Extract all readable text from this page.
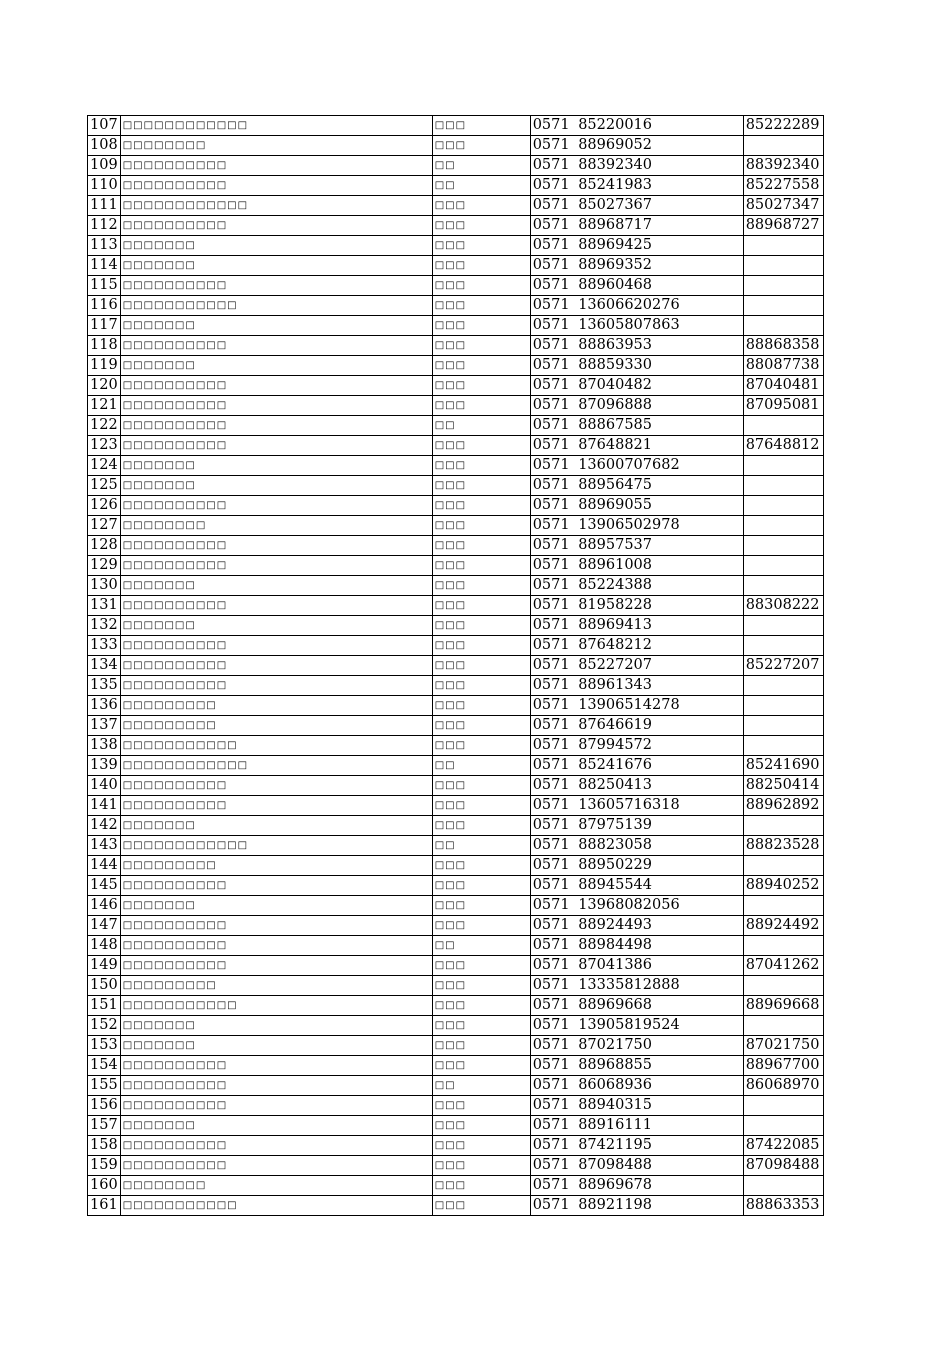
107	□□□□□□□□□□□□	□□□	0571	85220016	85222289
108	□□□□□□□□	□□□	0571	88969052	
109	□□□□□□□□□□	□□	0571	88392340	88392340
110	□□□□□□□□□□	□□	0571	85241983	85227558
111	□□□□□□□□□□□□	□□□	0571	85027367	85027347
112	□□□□□□□□□□	□□□	0571	88968717	88968727
113	□□□□□□□	□□□	0571	88969425	
114	□□□□□□□	□□□	0571	88969352	
115	□□□□□□□□□□	□□□	0571	88960468	
116	□□□□□□□□□□□	□□□	0571	13606620276	
117	□□□□□□□	□□□	0571	13605807863	
118	□□□□□□□□□□	□□□	0571	88863953	88868358
119	□□□□□□□	□□□	0571	88859330	88087738
120	□□□□□□□□□□	□□□	0571	87040482	87040481
121	□□□□□□□□□□	□□□	0571	87096888	87095081
122	□□□□□□□□□□	□□	0571	88867585	
123	□□□□□□□□□□	□□□	0571	87648821	87648812
124	□□□□□□□	□□□	0571	13600707682	
125	□□□□□□□	□□□	0571	88956475	
126	□□□□□□□□□□	□□□	0571	88969055	
127	□□□□□□□□	□□□	0571	13906502978	
128	□□□□□□□□□□	□□□	0571	88957537	
129	□□□□□□□□□□	□□□	0571	88961008	
130	□□□□□□□	□□□	0571	85224388	
131	□□□□□□□□□□	□□□	0571	81958228	88308222
132	□□□□□□□	□□□	0571	88969413	
133	□□□□□□□□□□	□□□	0571	87648212	
134	□□□□□□□□□□	□□□	0571	85227207	85227207
135	□□□□□□□□□□	□□□	0571	88961343	
136	□□□□□□□□□	□□□	0571	13906514278	
137	□□□□□□□□□	□□□	0571	87646619	
138	□□□□□□□□□□□	□□□	0571	87994572	
139	□□□□□□□□□□□□	□□	0571	85241676	85241690
140	□□□□□□□□□□	□□□	0571	88250413	88250414
141	□□□□□□□□□□	□□□	0571	13605716318	88962892
142	□□□□□□□	□□□	0571	87975139	
143	□□□□□□□□□□□□	□□	0571	88823058	88823528
144	□□□□□□□□□	□□□	0571	88950229	
145	□□□□□□□□□□	□□□	0571	88945544	88940252
146	□□□□□□□	□□□	0571	13968082056	
147	□□□□□□□□□□	□□□	0571	88924493	88924492
148	□□□□□□□□□□	□□	0571	88984498	
149	□□□□□□□□□□	□□□	0571	87041386	87041262
150	□□□□□□□□□	□□□	0571	13335812888	
151	□□□□□□□□□□□	□□□	0571	88969668	88969668
152	□□□□□□□	□□□	0571	13905819524	
153	□□□□□□□	□□□	0571	87021750	87021750
154	□□□□□□□□□□	□□□	0571	88968855	88967700
155	□□□□□□□□□□	□□	0571	86068936	86068970
156	□□□□□□□□□□	□□□	0571	88940315	
157	□□□□□□□	□□□	0571	88916111	
158	□□□□□□□□□□	□□□	0571	87421195	87422085
159	□□□□□□□□□□	□□□	0571	87098488	87098488
160	□□□□□□□□	□□□	0571	88969678	
161	□□□□□□□□□□□	□□□	0571	88921198	88863353
